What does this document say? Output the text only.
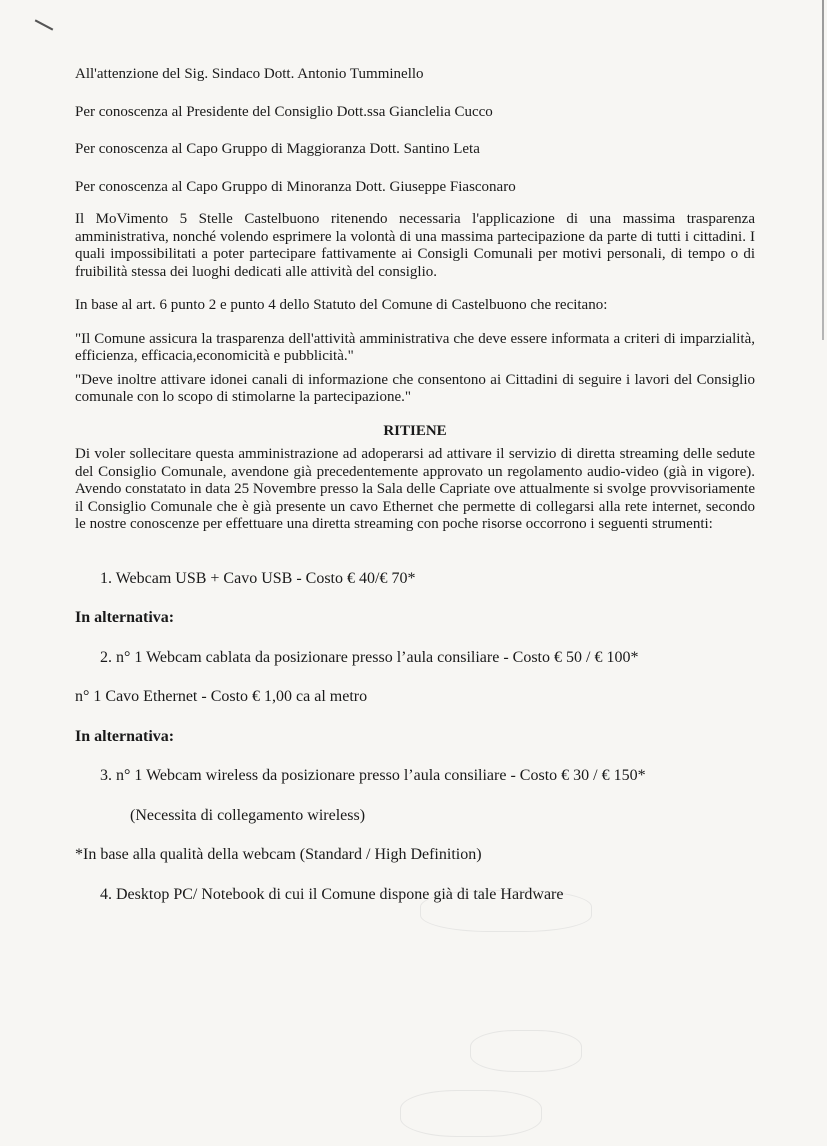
All'attenzione del Sig. Sindaco Dott. Antonio Tumminello

Per conoscenza al Presidente del Consiglio Dott.ssa Gianclelia Cucco

Per conoscenza al Capo Gruppo di Maggioranza Dott. Santino Leta

Per conoscenza al Capo Gruppo di Minoranza Dott. Giuseppe Fiasconaro

Il MoVimento 5 Stelle Castelbuono ritenendo necessaria l'applicazione di una massima trasparenza amministrativa, nonché volendo esprimere la volontà di una massima partecipazione da parte di tutti i cittadini. I quali impossibilitati a poter partecipare fattivamente ai Consigli Comunali per motivi personali, di tempo o di fruibilità stessa dei luoghi dedicati alle attività del consiglio.

In base al art. 6 punto 2 e punto 4 dello Statuto del Comune di Castelbuono che recitano:

"Il Comune assicura la trasparenza dell'attività amministrativa che deve essere informata a criteri di imparzialità, efficienza, efficacia,economicità e pubblicità."

"Deve inoltre attivare idonei canali di informazione che consentono ai Cittadini di seguire i lavori del Consiglio comunale con lo scopo di stimolarne la partecipazione."

RITIENE

Di voler sollecitare questa amministrazione ad adoperarsi ad attivare il servizio di diretta streaming delle sedute del Consiglio Comunale, avendone già precedentemente approvato un regolamento audio-video (già in vigore). Avendo constatato in data 25 Novembre presso la Sala delle Capriate ove attualmente si svolge provvisoriamente il Consiglio Comunale che è già presente un cavo Ethernet che permette di collegarsi alla rete internet, secondo le nostre conoscenze per effettuare una diretta streaming con poche risorse occorrono i seguenti strumenti:

1. Webcam USB + Cavo USB - Costo € 40/€ 70*

In alternativa:

2. n° 1 Webcam cablata da posizionare presso l’aula consiliare - Costo € 50 / € 100*

n° 1 Cavo Ethernet - Costo € 1,00 ca al metro

In alternativa:

3. n° 1 Webcam wireless da posizionare presso l’aula consiliare - Costo € 30 / € 150*

(Necessita di collegamento wireless)

*In base alla qualità della webcam (Standard / High Definition)

4. Desktop PC/ Notebook di cui il Comune dispone già di tale Hardware
